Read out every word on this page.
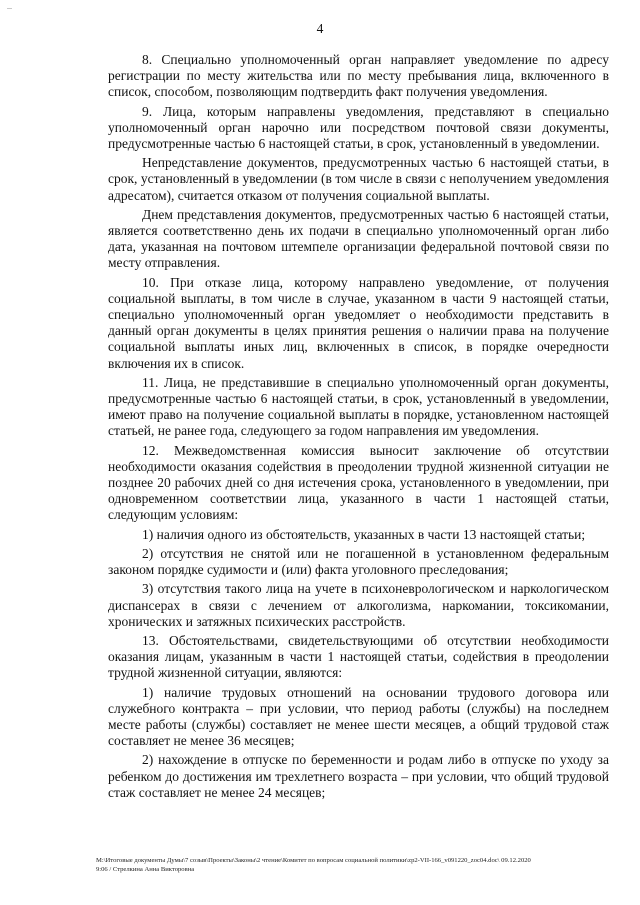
4

8. Специально уполномоченный орган направляет уведомление по адресу регистрации по месту жительства или по месту пребывания лица, включенного в список, способом, позволяющим подтвердить факт получения уведомления.

9. Лица, которым направлены уведомления, представляют в специально уполномоченный орган нарочно или посредством почтовой связи документы, предусмотренные частью 6 настоящей статьи, в срок, установленный в уведомлении.

Непредставление документов, предусмотренных частью 6 настоящей статьи, в срок, установленный в уведомлении (в том числе в связи с неполучением уведомления адресатом), считается отказом от получения социальной выплаты.

Днем представления документов, предусмотренных частью 6 настоящей статьи, является соответственно день их подачи в специально уполномоченный орган либо дата, указанная на почтовом штемпеле организации федеральной почтовой связи по месту отправления.

10. При отказе лица, которому направлено уведомление, от получения социальной выплаты, в том числе в случае, указанном в части 9 настоящей статьи, специально уполномоченный орган уведомляет о необходимости представить в данный орган документы в целях принятия решения о наличии права на получение социальной выплаты иных лиц, включенных в список, в порядке очередности включения их в список.

11. Лица, не представившие в специально уполномоченный орган документы, предусмотренные частью 6 настоящей статьи, в срок, установленный в уведомлении, имеют право на получение социальной выплаты в порядке, установленном настоящей статьей, не ранее года, следующего за годом направления им уведомления.

12. Межведомственная комиссия выносит заключение об отсутствии необходимости оказания содействия в преодолении трудной жизненной ситуации не позднее 20 рабочих дней со дня истечения срока, установленного в уведомлении, при одновременном соответствии лица, указанного в части 1 настоящей статьи, следующим условиям:

1) наличия одного из обстоятельств, указанных в части 13 настоящей статьи;

2) отсутствия не снятой или не погашенной в установленном федеральным законом порядке судимости и (или) факта уголовного преследования;

3) отсутствия такого лица на учете в психоневрологическом и наркологическом диспансерах в связи с лечением от алкоголизма, наркомании, токсикомании, хронических и затяжных психических расстройств.

13. Обстоятельствами, свидетельствующими об отсутствии необходимости оказания лицам, указанным в части 1 настоящей статьи, содействия в преодолении трудной жизненной ситуации, являются:

1) наличие трудовых отношений на основании трудового договора или служебного контракта – при условии, что период работы (службы) на последнем месте работы (службы) составляет не менее шести месяцев, а общий трудовой стаж составляет не менее 36 месяцев;

2) нахождение в отпуске по беременности и родам либо в отпуске по уходу за ребенком до достижения им трехлетнего возраста – при условии, что общий трудовой стаж составляет не менее 24 месяцев;

M:\Итоговые документы Думы\7 созыв\Проекты\Законы\2 чтение\Комитет по вопросам социальной политики\zp2-VII-166_v091220_zoc04.doc\ 09.12.2020
9:06 / Стрелкина Анна Викторовна
